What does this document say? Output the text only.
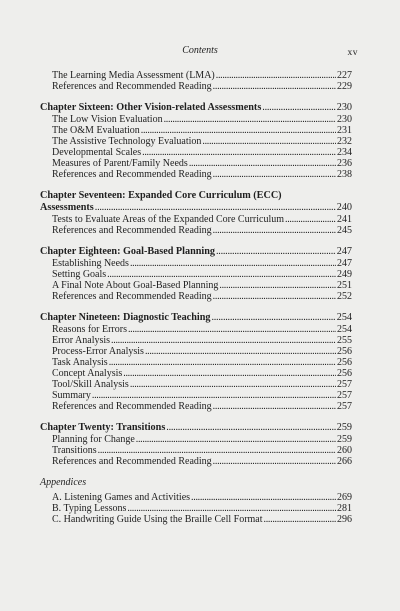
Contents	xv
The Learning Media Assessment (LMA) . . .	227
References and Recommended Reading . . .	229
Chapter Sixteen: Other Vision-related Assessments . . .	230
The Low Vision Evaluation . . .	230
The O&M Evaluation . . .	231
The Assistive Technology Evaluation . . .	232
Developmental Scales . . .	234
Measures of Parent/Family Needs . . .	236
References and Recommended Reading . . .	238
Chapter Seventeen: Expanded Core Curriculum (ECC)
Assessments . . .	240
Tests to Evaluate Areas of the Expanded Core Curriculum . . .	241
References and Recommended Reading . . .	245
Chapter Eighteen: Goal-Based Planning . . .	247
Establishing Needs . . .	247
Setting Goals . . .	249
A Final Note About Goal-Based Planning . . .	251
References and Recommended Reading . . .	252
Chapter Nineteen: Diagnostic Teaching . . .	254
Reasons for Errors . . .	254
Error Analysis . . .	255
Process-Error Analysis . . .	256
Task Analysis . . .	256
Concept Analysis . . .	256
Tool/Skill Analysis . . .	257
Summary . . .	257
References and Recommended Reading . . .	257
Chapter Twenty: Transitions . . .	259
Planning for Change . . .	259
Transitions . . .	260
References and Recommended Reading . . .	266
Appendices
A. Listening Games and Activities . . .	269
B. Typing Lessons . . .	281
C. Handwriting Guide Using the Braille Cell Format . . .	296
